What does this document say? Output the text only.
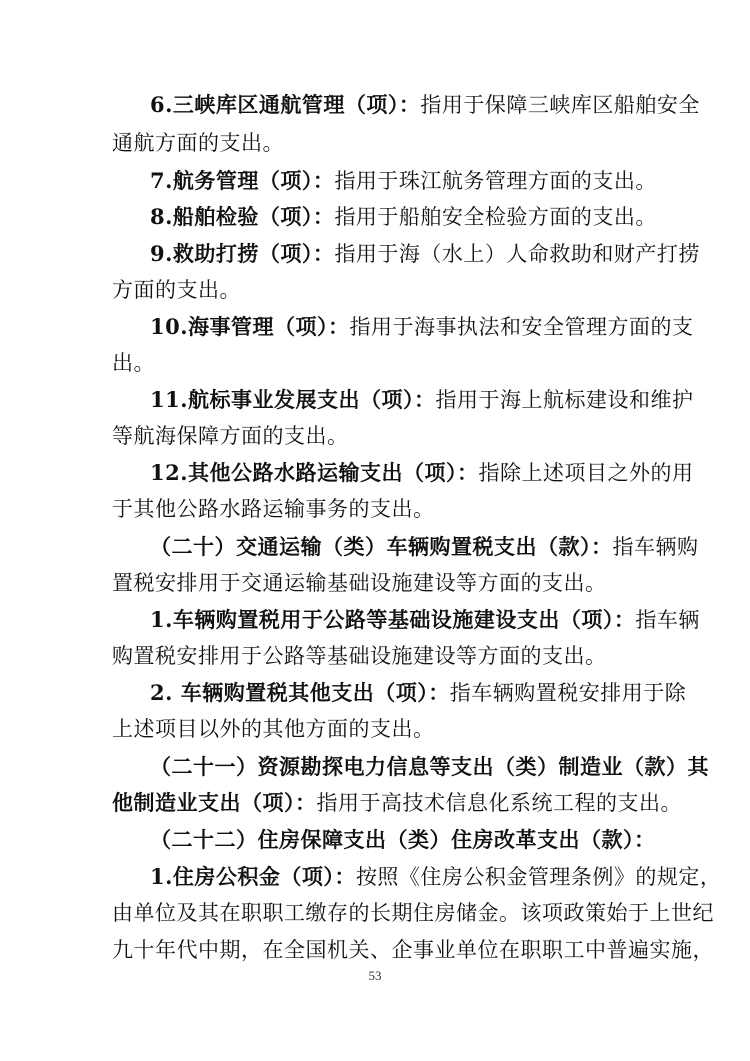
6.三峡库区通航管理（项）：指用于保障三峡库区船舶安全
通航方面的支出。
7.航务管理（项）：指用于珠江航务管理方面的支出。
8.船舶检验（项）：指用于船舶安全检验方面的支出。
9.救助打捞（项）：指用于海（水上）人命救助和财产打捞
方面的支出。
10.海事管理（项）：指用于海事执法和安全管理方面的支
出。
11.航标事业发展支出（项）：指用于海上航标建设和维护
等航海保障方面的支出。
12.其他公路水路运输支出（项）：指除上述项目之外的用
于其他公路水路运输事务的支出。
（二十）交通运输（类）车辆购置税支出（款）：指车辆购
置税安排用于交通运输基础设施建设等方面的支出。
1.车辆购置税用于公路等基础设施建设支出（项）：指车辆
购置税安排用于公路等基础设施建设等方面的支出。
2. 车辆购置税其他支出（项）：指车辆购置税安排用于除
上述项目以外的其他方面的支出。
（二十一）资源勘探电力信息等支出（类）制造业（款）其
他制造业支出（项）：指用于高技术信息化系统工程的支出。
（二十二）住房保障支出（类）住房改革支出（款）：
1.住房公积金（项）：按照《住房公积金管理条例》的规定，
由单位及其在职职工缴存的长期住房储金。该项政策始于上世纪
九十年代中期，在全国机关、企事业单位在职职工中普遍实施，
53
